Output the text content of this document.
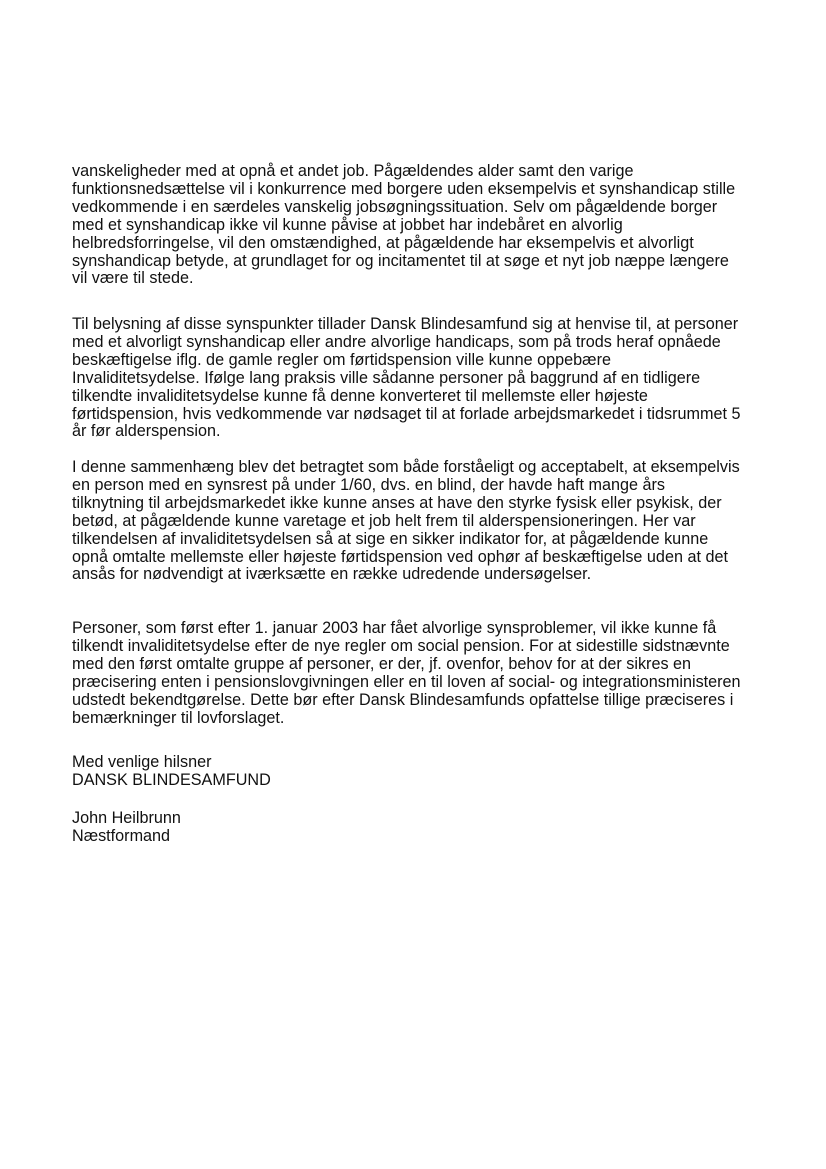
vanskeligheder med at opnå et andet job. Pågældendes alder samt den varige
funktionsnedsættelse vil i konkurrence med borgere uden eksempelvis et synshandicap stille
vedkommende i en særdeles vanskelig jobsøgningssituation. Selv om pågældende borger
med et synshandicap ikke vil kunne påvise at jobbet har indebåret en alvorlig
helbredsforringelse, vil den omstændighed, at pågældende har eksempelvis et alvorligt
synshandicap betyde, at grundlaget for og incitamentet til at søge et nyt job næppe længere
vil være til stede.

Til belysning af disse synspunkter tillader Dansk Blindesamfund sig at henvise til, at personer
med et alvorligt synshandicap eller andre alvorlige handicaps, som på trods heraf opnåede
beskæftigelse iflg. de gamle regler om førtidspension ville kunne oppebære
Invaliditetsydelse. Ifølge lang praksis ville sådanne personer på baggrund af en tidligere
tilkendte invaliditetsydelse kunne få denne konverteret til mellemste eller højeste
førtidspension, hvis vedkommende var nødsaget til at forlade arbejdsmarkedet i tidsrummet 5
år før alderspension.

I denne sammenhæng blev det betragtet som både forståeligt og acceptabelt, at eksempelvis
en person med en synsrest på under 1/60, dvs. en blind, der havde haft mange års
tilknytning til arbejdsmarkedet ikke kunne anses at have den styrke fysisk eller psykisk, der
betød, at pågældende kunne varetage et job helt frem til alderspensioneringen. Her var
tilkendelsen af invaliditetsydelsen så at sige en sikker indikator for, at pågældende kunne
opnå omtalte mellemste eller højeste førtidspension ved ophør af beskæftigelse uden at det
ansås for nødvendigt at iværksætte en række udredende undersøgelser.

Personer, som først efter 1. januar 2003 har fået alvorlige synsproblemer, vil ikke kunne få
tilkendt invaliditetsydelse efter de nye regler om social pension. For at sidestille sidstnævnte
med den først omtalte gruppe af personer, er der, jf. ovenfor, behov for at der sikres en
præcisering enten i pensionslovgivningen eller en til loven af social- og integrationsministeren
udstedt bekendtgørelse. Dette bør efter Dansk Blindesamfunds opfattelse tillige præciseres i
bemærkninger til lovforslaget.

Med venlige hilsner
DANSK BLINDESAMFUND

John Heilbrunn
Næstformand
